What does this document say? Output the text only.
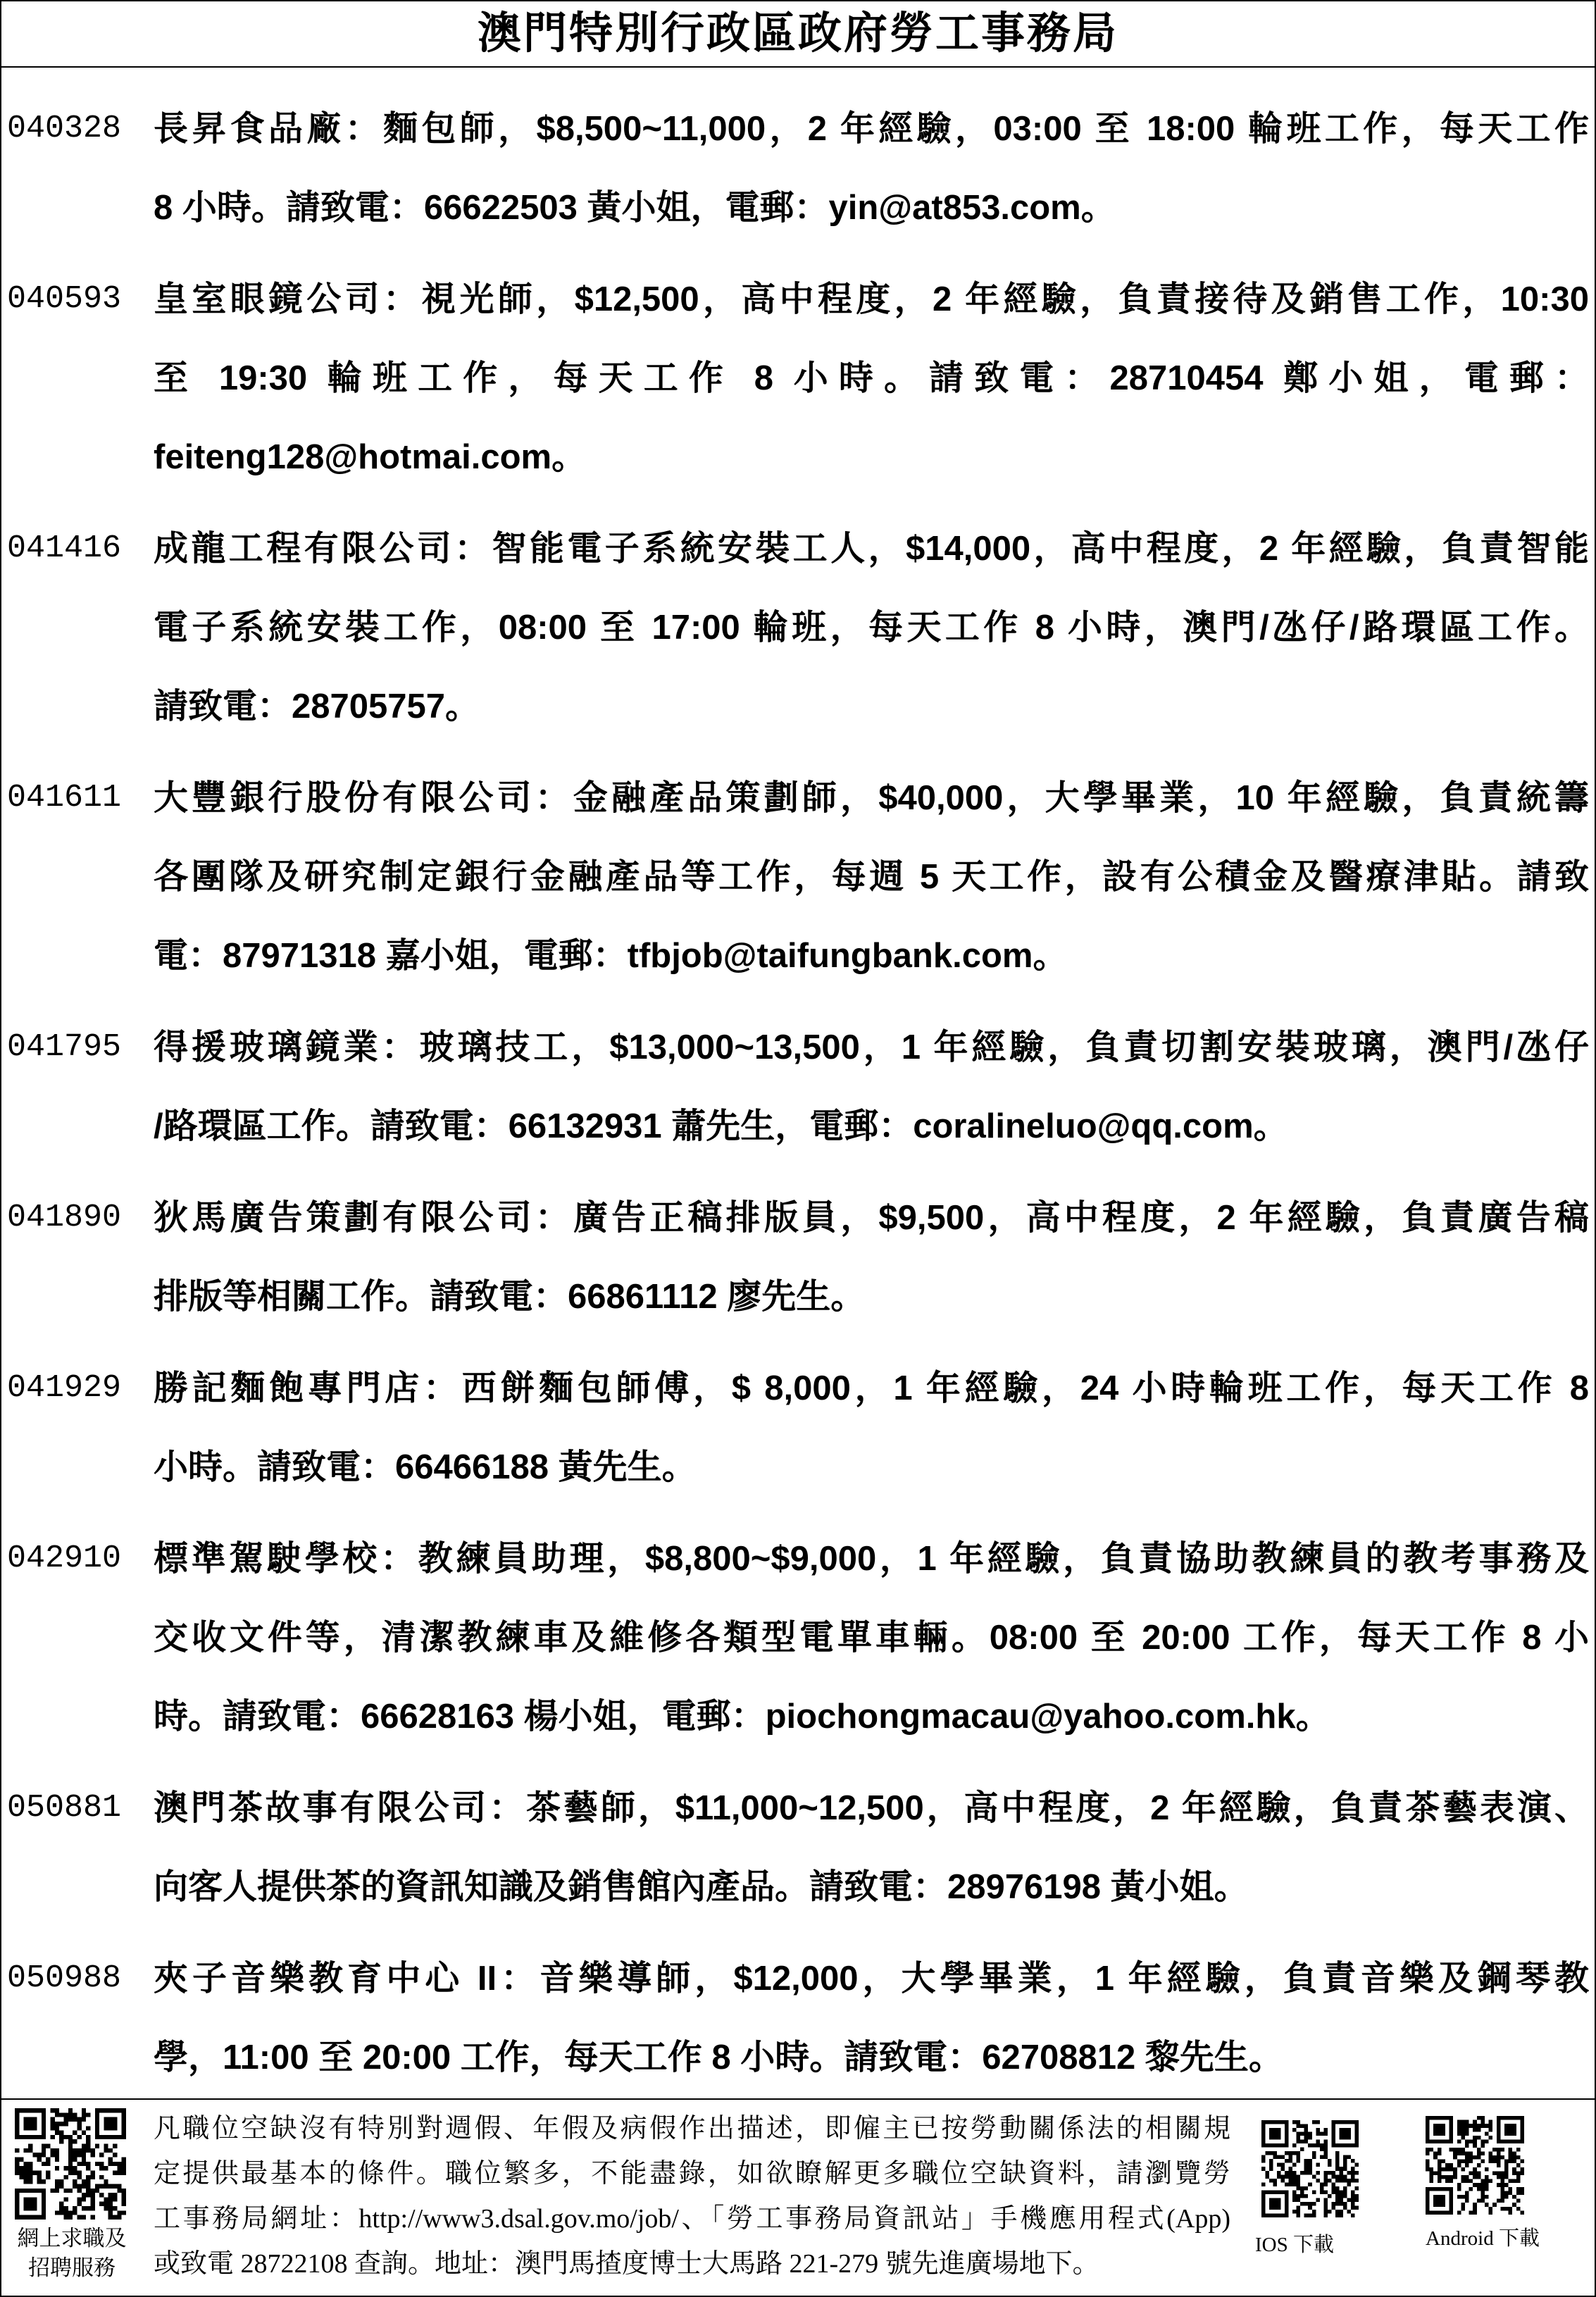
澳門特別行政區政府勞工事務局
040328 長昇食品廠：麵包師，$8,500~11,000，2 年經驗，03:00 至 18:00 輪班工作，每天工作
8 小時。請致電：66622503 黃小姐，電郵：yin@at853.com。
040593 皇室眼鏡公司：視光師，$12,500，高中程度，2 年經驗，負責接待及銷售工作，10:30
至 19:30 輪班工作，每天工作 8 小時。請致電：28710454 鄭小姐，電郵：
feiteng128@hotmai.com。
041416 成龍工程有限公司：智能電子系統安裝工人，$14,000，高中程度，2 年經驗，負責智能
電子系統安裝工作，08:00 至 17:00 輪班，每天工作 8 小時，澳門/氹仔/路環區工作。
請致電：28705757。
041611 大豐銀行股份有限公司：金融產品策劃師，$40,000，大學畢業，10 年經驗，負責統籌
各團隊及研究制定銀行金融產品等工作，每週 5 天工作，設有公積金及醫療津貼。請致
電：87971318 嘉小姐，電郵：tfbjob@taifungbank.com。
041795 得援玻璃鏡業：玻璃技工，$13,000~13,500，1 年經驗，負責切割安裝玻璃，澳門/氹仔
/路環區工作。請致電：66132931 蕭先生，電郵：coralineluo@qq.com。
041890 狄馬廣告策劃有限公司：廣告正稿排版員，$9,500，高中程度，2 年經驗，負責廣告稿
排版等相關工作。請致電：66861112 廖先生。
041929 勝記麵飽專門店：西餅麵包師傅，$ 8,000，1 年經驗，24 小時輪班工作，每天工作 8
小時。請致電：66466188 黃先生。
042910 標準駕駛學校：教練員助理，$8,800~$9,000，1 年經驗，負責協助教練員的教考事務及
交收文件等，清潔教練車及維修各類型電單車輛。08:00 至 20:00 工作，每天工作 8 小
時。請致電：66628163 楊小姐，電郵：piochongmacau@yahoo.com.hk。
050881 澳門茶故事有限公司：茶藝師，$11,000~12,500，高中程度，2 年經驗，負責茶藝表演、
向客人提供茶的資訊知識及銷售館內產品。請致電：28976198 黃小姐。
050988 夾子音樂教育中心 II：音樂導師，$12,000，大學畢業，1 年經驗，負責音樂及鋼琴教
學，11:00 至 20:00 工作，每天工作 8 小時。請致電：62708812 黎先生。
網上求職及
招聘服務
凡職位空缺沒有特別對週假、年假及病假作出描述，即僱主已按勞動關係法的相關規
定提供最基本的條件。職位繁多，不能盡錄，如欲瞭解更多職位空缺資料，請瀏覽勞
工事務局網址：http://www3.dsal.gov.mo/job/、「勞工事務局資訊站」手機應用程式(App)
或致電 28722108 查詢。地址：澳門馬揸度博士大馬路 221-279 號先進廣場地下。
IOS 下載	Android 下載
